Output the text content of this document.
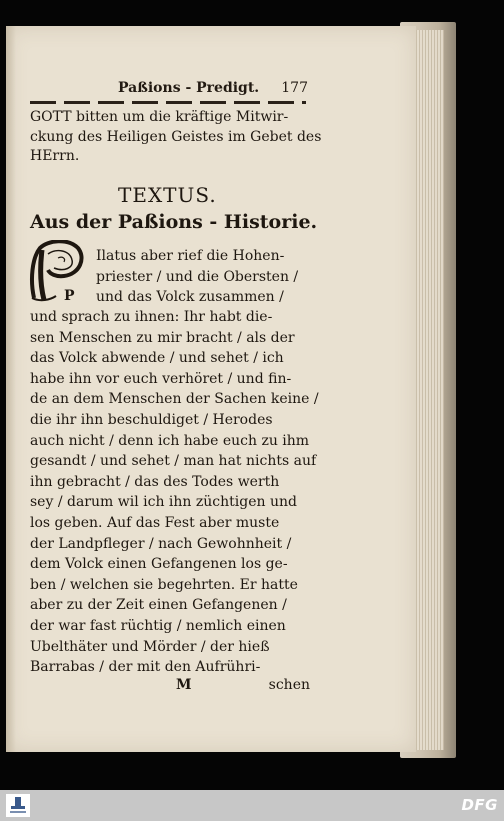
Paßions - Predigt. 177
GOTT bitten um die kräftige Mitwir-
ckung des Heiligen Geistes im Gebet des
HErrn.
TEXTUS.
Aus der Paßions - Historie.
P
Ilatus aber rief die Hohen-
priester / und die Obersten /
und das Volck zusammen /
und sprach zu ihnen: Ihr habt die-
sen Menschen zu mir bracht / als der
das Volck abwende / und sehet / ich
habe ihn vor euch verhöret / und fin-
de an dem Menschen der Sachen keine /
die ihr ihn beschuldiget / Herodes
auch nicht / denn ich habe euch zu ihm
gesandt / und sehet / man hat nichts auf
ihn gebracht / das des Todes werth
sey / darum wil ich ihn züchtigen und
los geben. Auf das Fest aber muste
der Landpfleger / nach Gewohnheit /
dem Volck einen Gefangenen los ge-
ben / welchen sie begehrten. Er hatte
aber zu der Zeit einen Gefangenen /
der war fast rüchtig / nemlich einen
Ubelthäter und Mörder / der hieß
Barrabas / der mit den Aufrühri-
M	schen
DFG
